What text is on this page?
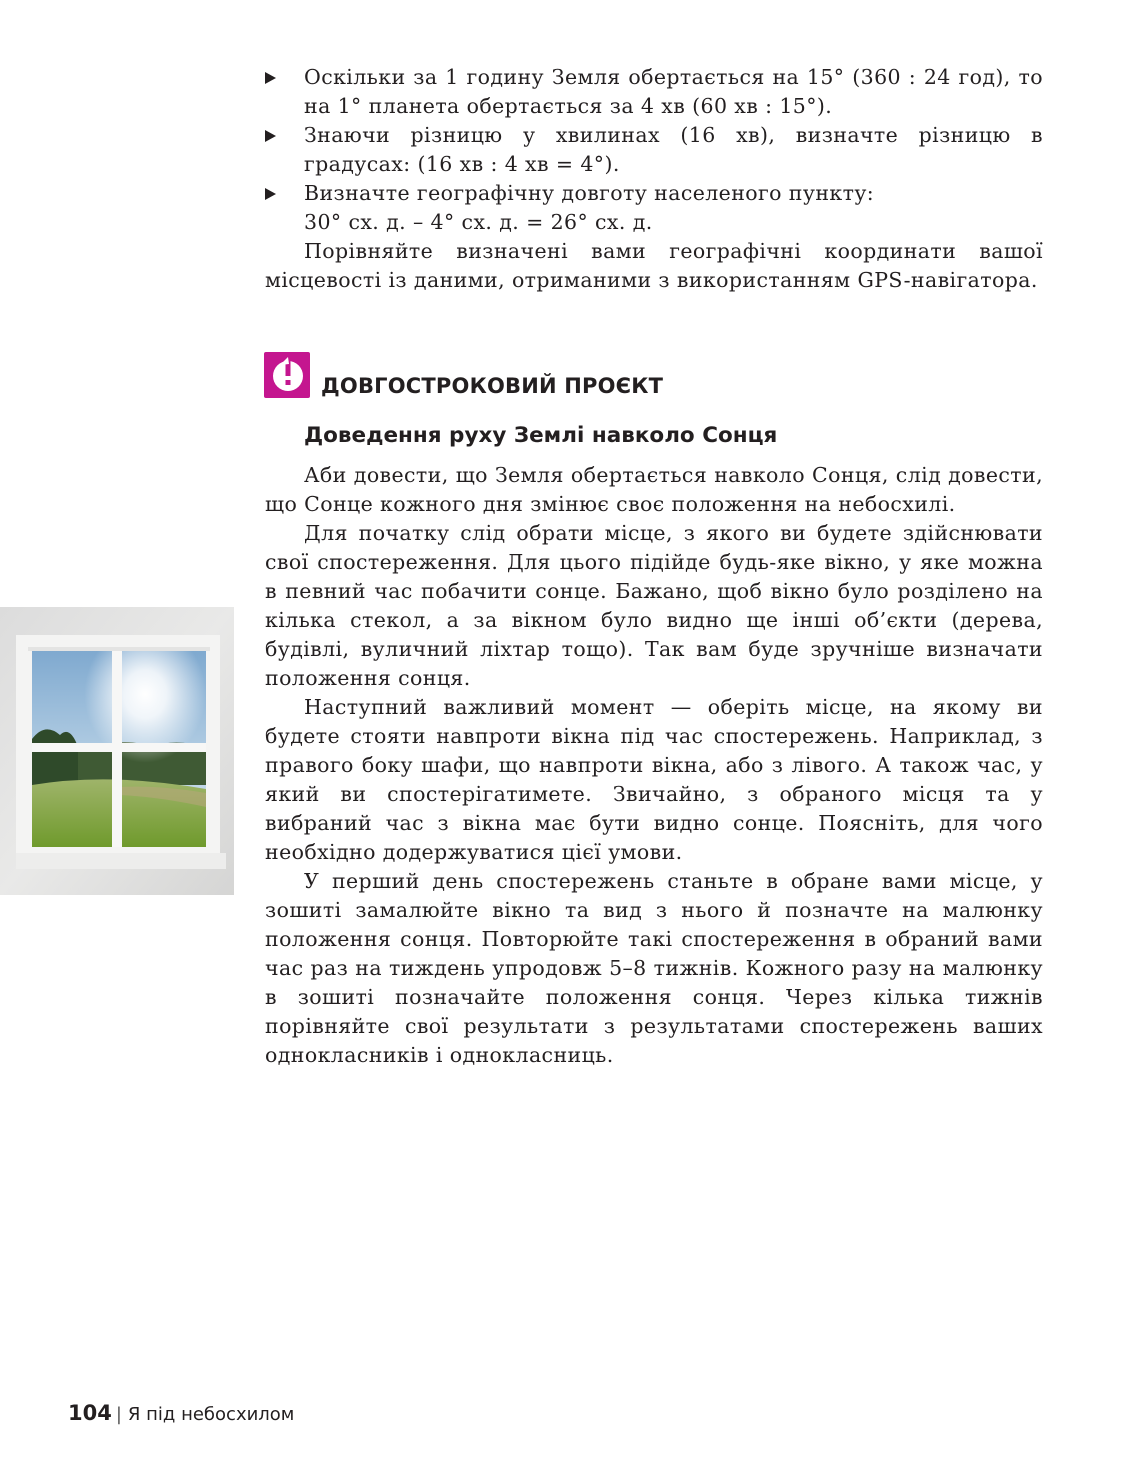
Оскільки за 1 годину Земля обертається на 15° (360 : 24 год), то на 1° планета обертається за 4 хв (60 хв : 15°).

Знаючи різницю у хвилинах (16 хв), визначте різницю в градусах: (16 хв : 4 хв = 4°).

Визначте географічну довготу населеного пункту:
30° сх. д. – 4° сх. д. = 26° сх. д.

Порівняйте визначені вами географічні координати вашої місцевості із даними, отриманими з використанням GPS-навігатора.

ДОВГОСТРОКОВИЙ ПРОЄКТ
Доведення руху Землі навколо Сонця

Аби довести, що Земля обертається навколо Сонця, слід довести, що Сонце кожного дня змінює своє положення на небосхилі.

Для початку слід обрати місце, з якого ви будете здійснювати свої спостереження. Для цього підійде будь-яке вікно, у яке можна в певний час побачити сонце. Бажано, щоб вікно було розділено на кілька стекол, а за вікном було видно ще інші об’єкти (дерева, будівлі, вуличний ліхтар тощо). Так вам буде зручніше визначати положення сонця.

Наступний важливий момент — оберіть місце, на якому ви будете стояти навпроти вікна під час спостережень. Наприклад, з правого боку шафи, що навпроти вікна, або з лівого. А також час, у який ви спостерігатимете. Звичайно, з обраного місця та у вибраний час з вікна має бути видно сонце. Поясніть, для чого необхідно додержуватися цієї умови.

У перший день спостережень станьте в обране вами місце, у зошиті замалюйте вікно та вид з нього й позначте на малюнку положення сонця. Повторюйте такі спостереження в обраний вами час раз на тиждень упродовж 5–8 тижнів. Кожного разу на малюнку в зошиті позначайте положення сонця. Через кілька тижнів порівняйте свої результати з результатами спостережень ваших однокласників і однокласниць.

104 | Я під небосхилом
